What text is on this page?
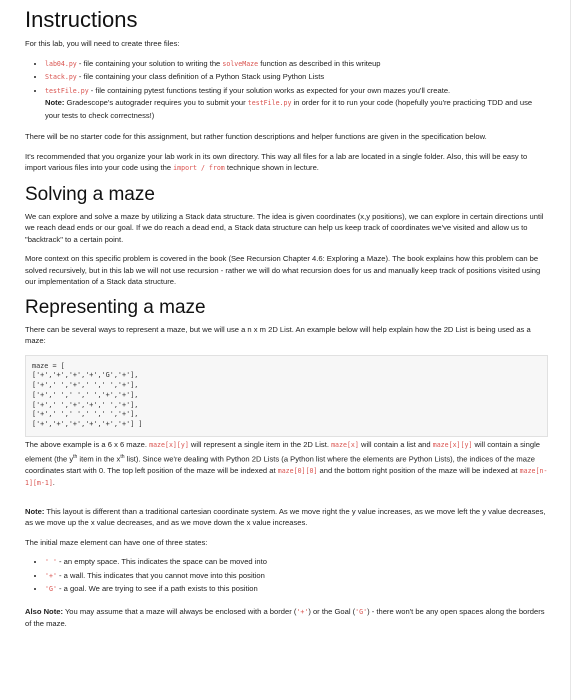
Instructions

For this lab, you will need to create three files:

• lab04.py - file containing your solution to writing the solveMaze function as described in this writeup
• Stack.py - file containing your class definition of a Python Stack using Python Lists
• testFile.py - file containing pytest functions testing if your solution works as expected for your own mazes you'll create.
Note: Gradescope's autograder requires you to submit your testFile.py in order for it to run your code (hopefully you're practicing TDD and use your tests to check correctness!)

There will be no starter code for this assignment, but rather function descriptions and helper functions are given in the specification below.

It's recommended that you organize your lab work in its own directory. This way all files for a lab are located in a single folder. Also, this will be easy to import various files into your code using the import / from technique shown in lecture.

Solving a maze

We can explore and solve a maze by utilizing a Stack data structure. The idea is given coordinates (x,y positions), we can explore in certain directions until we reach dead ends or our goal. If we do reach a dead end, a Stack data structure can help us keep track of coordinates we've visited and allow us to "backtrack" to a certain point.

More context on this specific problem is covered in the book (See Recursion Chapter 4.6: Exploring a Maze). The book explains how this problem can be solved recursively, but in this lab we will not use recursion - rather we will do what recursion does for us and manually keep track of positions visited using our implementation of a Stack data structure.

Representing a maze

There can be several ways to represent a maze, but we will use a n x m 2D List. An example below will help explain how the 2D List is being used as a maze:

maze = [
['+','+','+','+','G','+'],
['+',' ','+',' ',' ','+'],
['+',' ',' ',' ','+','+'],
['+',' ','+','+',' ','+'],
['+',' ',' ',' ',' ','+'],
['+','+','+','+','+','+'] ]

The above example is a 6 x 6 maze. maze[x][y] will represent a single item in the 2D List. maze[x] will contain a list and maze[x][y] will contain a single element (the $y^{th}$ item in the $x^{th}$ list). Since we're dealing with Python 2D Lists (a Python list where the elements are Python Lists), the indices of the maze coordinates start with 0. The top left position of the maze will be indexed at maze[0][0] and the bottom right position of the maze will be indexed at maze[n-1][m-1].

Note: This layout is different than a traditional cartesian coordinate system. As we move right the y value increases, as we move left the y value decreases, as we move up the x value decreases, and as we move down the x value increases.

The initial maze element can have one of three states:

• ' ' - an empty space. This indicates the space can be moved into
• '+' - a wall. This indicates that you cannot move into this position
• 'G' - a goal. We are trying to see if a path exists to this position

Also Note: You may assume that a maze will always be enclosed with a border ('+') or the Goal ('G') - there won't be any open spaces along the borders of the maze.
